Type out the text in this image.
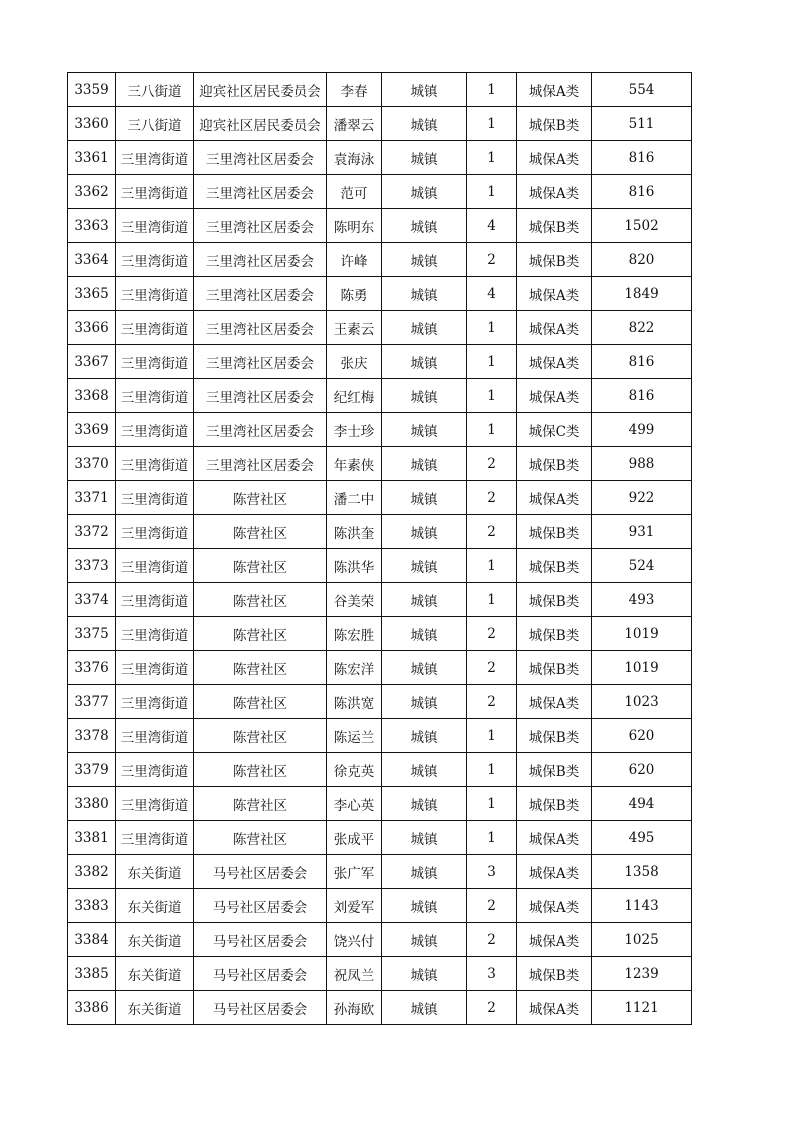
3359	三八街道	迎宾社区居民委员会	李春	城镇	1	城保A类	554
3360	三八街道	迎宾社区居民委员会	潘翠云	城镇	1	城保B类	511
3361	三里湾街道	三里湾社区居委会	袁海泳	城镇	1	城保A类	816
3362	三里湾街道	三里湾社区居委会	范可	城镇	1	城保A类	816
3363	三里湾街道	三里湾社区居委会	陈明东	城镇	4	城保B类	1502
3364	三里湾街道	三里湾社区居委会	许峰	城镇	2	城保B类	820
3365	三里湾街道	三里湾社区居委会	陈勇	城镇	4	城保A类	1849
3366	三里湾街道	三里湾社区居委会	王素云	城镇	1	城保A类	822
3367	三里湾街道	三里湾社区居委会	张庆	城镇	1	城保A类	816
3368	三里湾街道	三里湾社区居委会	纪红梅	城镇	1	城保A类	816
3369	三里湾街道	三里湾社区居委会	李士珍	城镇	1	城保C类	499
3370	三里湾街道	三里湾社区居委会	年素侠	城镇	2	城保B类	988
3371	三里湾街道	陈营社区	潘二中	城镇	2	城保A类	922
3372	三里湾街道	陈营社区	陈洪奎	城镇	2	城保B类	931
3373	三里湾街道	陈营社区	陈洪华	城镇	1	城保B类	524
3374	三里湾街道	陈营社区	谷美荣	城镇	1	城保B类	493
3375	三里湾街道	陈营社区	陈宏胜	城镇	2	城保B类	1019
3376	三里湾街道	陈营社区	陈宏洋	城镇	2	城保B类	1019
3377	三里湾街道	陈营社区	陈洪宽	城镇	2	城保A类	1023
3378	三里湾街道	陈营社区	陈运兰	城镇	1	城保B类	620
3379	三里湾街道	陈营社区	徐克英	城镇	1	城保B类	620
3380	三里湾街道	陈营社区	李心英	城镇	1	城保B类	494
3381	三里湾街道	陈营社区	张成平	城镇	1	城保A类	495
3382	东关街道	马号社区居委会	张广军	城镇	3	城保A类	1358
3383	东关街道	马号社区居委会	刘爱军	城镇	2	城保A类	1143
3384	东关街道	马号社区居委会	饶兴付	城镇	2	城保A类	1025
3385	东关街道	马号社区居委会	祝凤兰	城镇	3	城保B类	1239
3386	东关街道	马号社区居委会	孙海欧	城镇	2	城保A类	1121
